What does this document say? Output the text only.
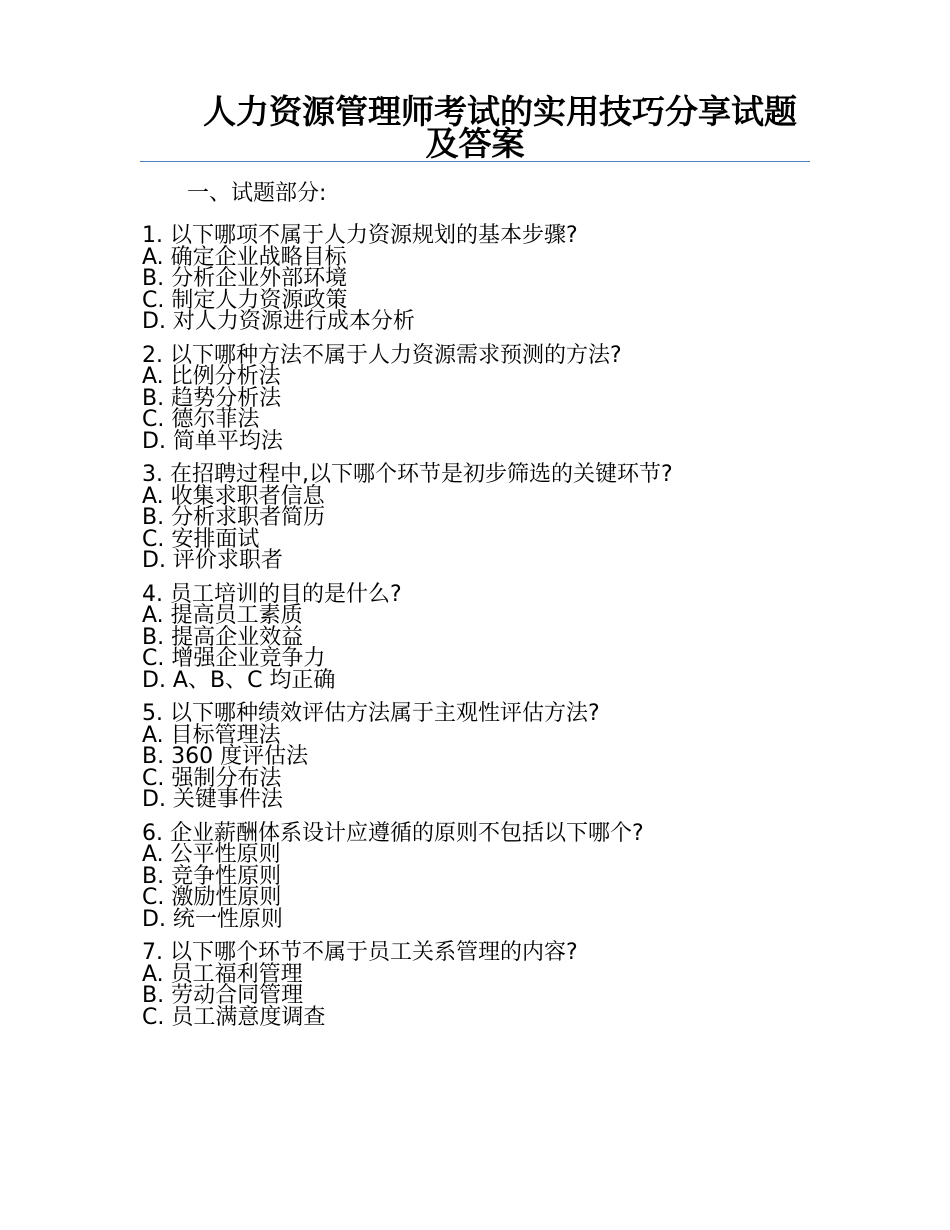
人力资源管理师考试的实用技巧分享试题
及答案

一、试题部分:

1. 以下哪项不属于人力资源规划的基本步骤?

A. 确定企业战略目标

B. 分析企业外部环境

C. 制定人力资源政策

D. 对人力资源进行成本分析

2. 以下哪种方法不属于人力资源需求预测的方法?

A. 比例分析法

B. 趋势分析法

C. 德尔菲法

D. 简单平均法

3. 在招聘过程中,以下哪个环节是初步筛选的关键环节?

A. 收集求职者信息

B. 分析求职者简历

C. 安排面试

D. 评价求职者

4. 员工培训的目的是什么?

A. 提高员工素质

B. 提高企业效益

C. 增强企业竞争力

D. A、B、C 均正确

5. 以下哪种绩效评估方法属于主观性评估方法?

A. 目标管理法

B. 360 度评估法

C. 强制分布法

D. 关键事件法

6. 企业薪酬体系设计应遵循的原则不包括以下哪个?

A. 公平性原则

B. 竞争性原则

C. 激励性原则

D. 统一性原则

7. 以下哪个环节不属于员工关系管理的内容?

A. 员工福利管理

B. 劳动合同管理

C. 员工满意度调查
